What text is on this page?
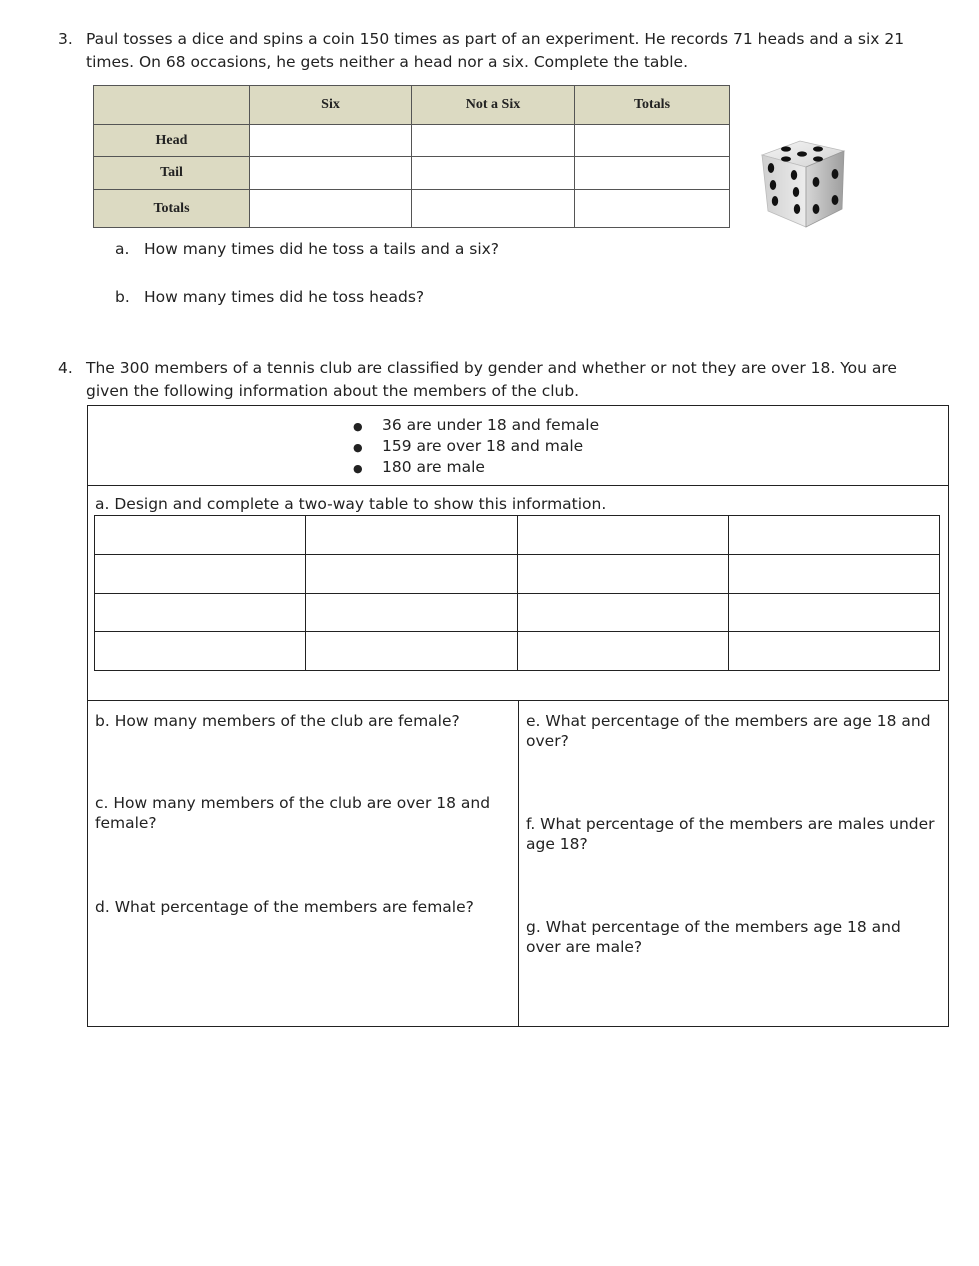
3. Paul tosses a dice and spins a coin 150 times as part of an experiment. He records 71 heads and a six 21
times. On 68 occasions, he gets neither a head nor a six. Complete the table.
	Six	Not a Six	Totals
Head			
Tail			
Totals			
a. How many times did he toss a tails and a six?
b. How many times did he toss heads?
4. The 300 members of a tennis club are classified by gender and whether or not they are over 18. You are
given the following information about the members of the club.
● 36 are under 18 and female
● 159 are over 18 and male
● 180 are male
a. Design and complete a two-way table to show this information.

b. How many members of the club are female?
c. How many members of the club are over 18 and female?
d. What percentage of the members are female?
e. What percentage of the members are age 18 and over?
f. What percentage of the members are males under age 18?
g. What percentage of the members age 18 and over are male?
